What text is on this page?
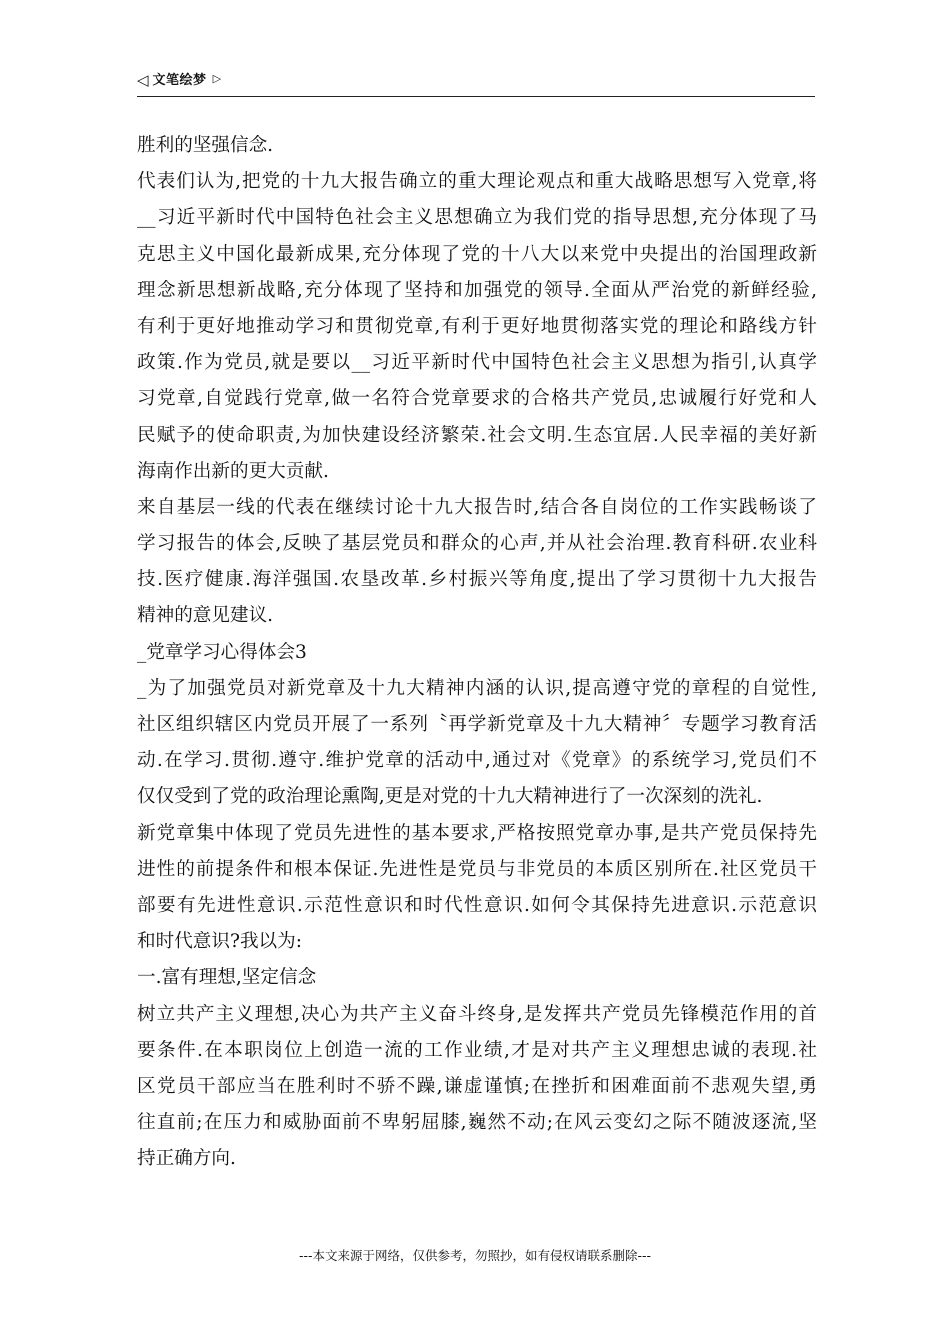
◁ 文笔绘梦 ▷
胜利的坚强信念.
代表们认为,把党的十九大报告确立的重大理论观点和重大战略思想写入党章,将
__习近平新时代中国特色社会主义思想确立为我们党的指导思想,充分体现了马
克思主义中国化最新成果,充分体现了党的十八大以来党中央提出的治国理政新
理念新思想新战略,充分体现了坚持和加强党的领导.全面从严治党的新鲜经验,
有利于更好地推动学习和贯彻党章,有利于更好地贯彻落实党的理论和路线方针
政策.作为党员,就是要以__习近平新时代中国特色社会主义思想为指引,认真学
习党章,自觉践行党章,做一名符合党章要求的合格共产党员,忠诚履行好党和人
民赋予的使命职责,为加快建设经济繁荣.社会文明.生态宜居.人民幸福的美好新
海南作出新的更大贡献.
来自基层一线的代表在继续讨论十九大报告时,结合各自岗位的工作实践畅谈了
学习报告的体会,反映了基层党员和群众的心声,并从社会治理.教育科研.农业科
技.医疗健康.海洋强国.农垦改革.乡村振兴等角度,提出了学习贯彻十九大报告
精神的意见建议.
_党章学习心得体会3
_为了加强党员对新党章及十九大精神内涵的认识,提高遵守党的章程的自觉性,
社区组织辖区内党员开展了一系列〝再学新党章及十九大精神〞专题学习教育活
动.在学习.贯彻.遵守.维护党章的活动中,通过对《党章》的系统学习,党员们不
仅仅受到了党的政治理论熏陶,更是对党的十九大精神进行了一次深刻的洗礼.
新党章集中体现了党员先进性的基本要求,严格按照党章办事,是共产党员保持先
进性的前提条件和根本保证.先进性是党员与非党员的本质区别所在.社区党员干
部要有先进性意识.示范性意识和时代性意识.如何令其保持先进意识.示范意识
和时代意识?我以为:
一.富有理想,坚定信念
树立共产主义理想,决心为共产主义奋斗终身,是发挥共产党员先锋模范作用的首
要条件.在本职岗位上创造一流的工作业绩,才是对共产主义理想忠诚的表现.社
区党员干部应当在胜利时不骄不躁,谦虚谨慎;在挫折和困难面前不悲观失望,勇
往直前;在压力和威胁面前不卑躬屈膝,巍然不动;在风云变幻之际不随波逐流,坚
持正确方向.
---本文来源于网络，仅供参考，勿照抄，如有侵权请联系删除---
